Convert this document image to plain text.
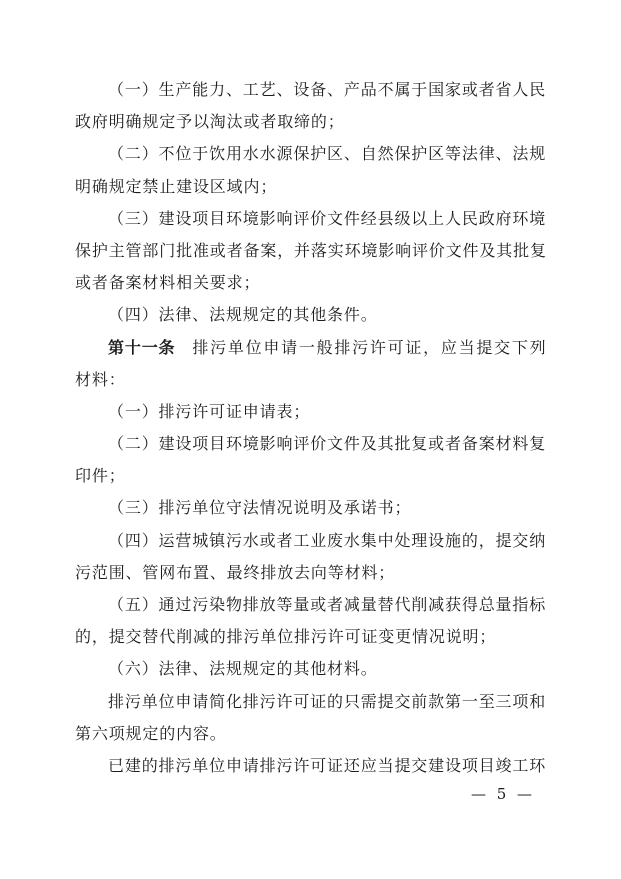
（一）生产能力、工艺、设备、产品不属于国家或者省人民
政府明确规定予以淘汰或者取缔的；
（二）不位于饮用水水源保护区、自然保护区等法律、法规
明确规定禁止建设区域内；
（三）建设项目环境影响评价文件经县级以上人民政府环境
保护主管部门批准或者备案，并落实环境影响评价文件及其批复
或者备案材料相关要求；
（四）法律、法规规定的其他条件。
第十一条 排污单位申请一般排污许可证，应当提交下列
材料：
（一）排污许可证申请表；
（二）建设项目环境影响评价文件及其批复或者备案材料复
印件；
（三）排污单位守法情况说明及承诺书；
（四）运营城镇污水或者工业废水集中处理设施的，提交纳
污范围、管网布置、最终排放去向等材料；
（五）通过污染物排放等量或者减量替代削减获得总量指标
的，提交替代削减的排污单位排污许可证变更情况说明；
（六）法律、法规规定的其他材料。
排污单位申请简化排污许可证的只需提交前款第一至三项和
第六项规定的内容。
已建的排污单位申请排污许可证还应当提交建设项目竣工环
— 5 —
